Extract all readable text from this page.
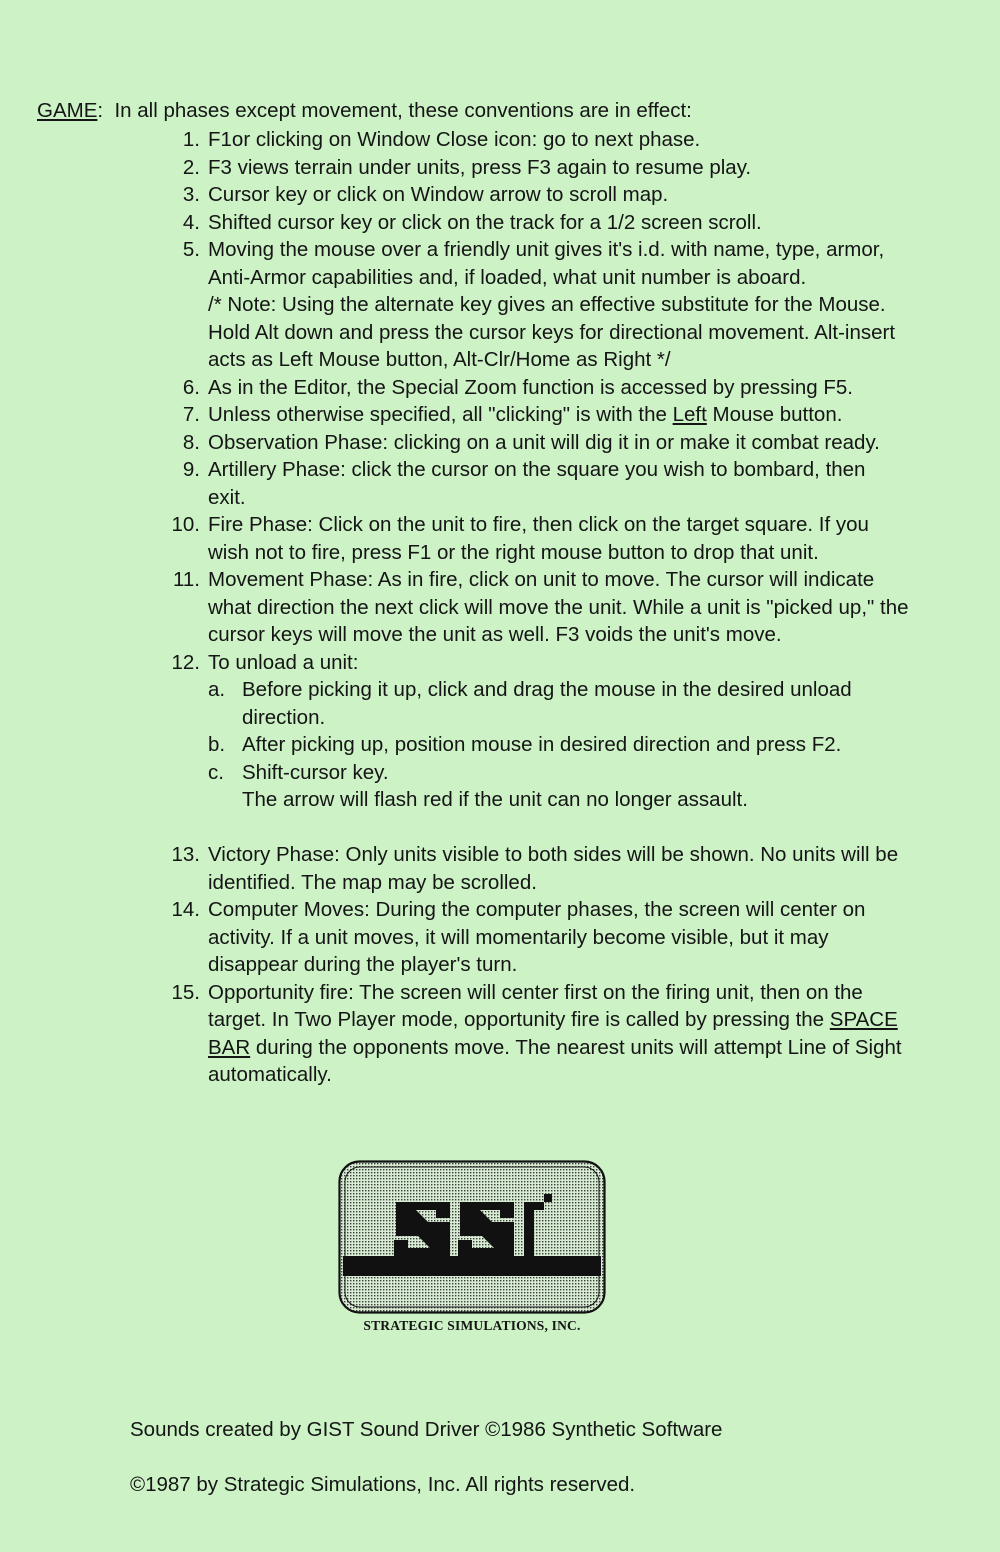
GAME: In all phases except movement, these conventions are in effect:
1. F1or clicking on Window Close icon: go to next phase.
2. F3 views terrain under units, press F3 again to resume play.
3. Cursor key or click on Window arrow to scroll map.
4. Shifted cursor key or click on the track for a 1/2 screen scroll.
5. Moving the mouse over a friendly unit gives it's i.d. with name, type, armor,
Anti-Armor capabilities and, if loaded, what unit number is aboard.
/* Note: Using the alternate key gives an effective substitute for the Mouse.
Hold Alt down and press the cursor keys for directional movement. Alt-insert
acts as Left Mouse button, Alt-Clr/Home as Right */
6. As in the Editor, the Special Zoom function is accessed by pressing F5.
7. Unless otherwise specified, all "clicking" is with the Left Mouse button.
8. Observation Phase: clicking on a unit will dig it in or make it combat ready.
9. Artillery Phase: click the cursor on the square you wish to bombard, then
exit.
10. Fire Phase: Click on the unit to fire, then click on the target square. If you
wish not to fire, press F1 or the right mouse button to drop that unit.
11. Movement Phase: As in fire, click on unit to move. The cursor will indicate
what direction the next click will move the unit. While a unit is "picked up," the
cursor keys will move the unit as well. F3 voids the unit's move.
12. To unload a unit:
a. Before picking it up, click and drag the mouse in the desired unload
direction.
b. After picking up, position mouse in desired direction and press F2.
c. Shift-cursor key.
The arrow will flash red if the unit can no longer assault.
13. Victory Phase: Only units visible to both sides will be shown. No units will be
identified. The map may be scrolled.
14. Computer Moves: During the computer phases, the screen will center on
activity. If a unit moves, it will momentarily become visible, but it may
disappear during the player's turn.
15. Opportunity fire: The screen will center first on the firing unit, then on the
target. In Two Player mode, opportunity fire is called by pressing the SPACE
BAR during the opponents move. The nearest units will attempt Line of Sight
automatically.
STRATEGIC SIMULATIONS, INC.
Sounds created by GIST Sound Driver ©1986 Synthetic Software
©1987 by Strategic Simulations, Inc. All rights reserved.
